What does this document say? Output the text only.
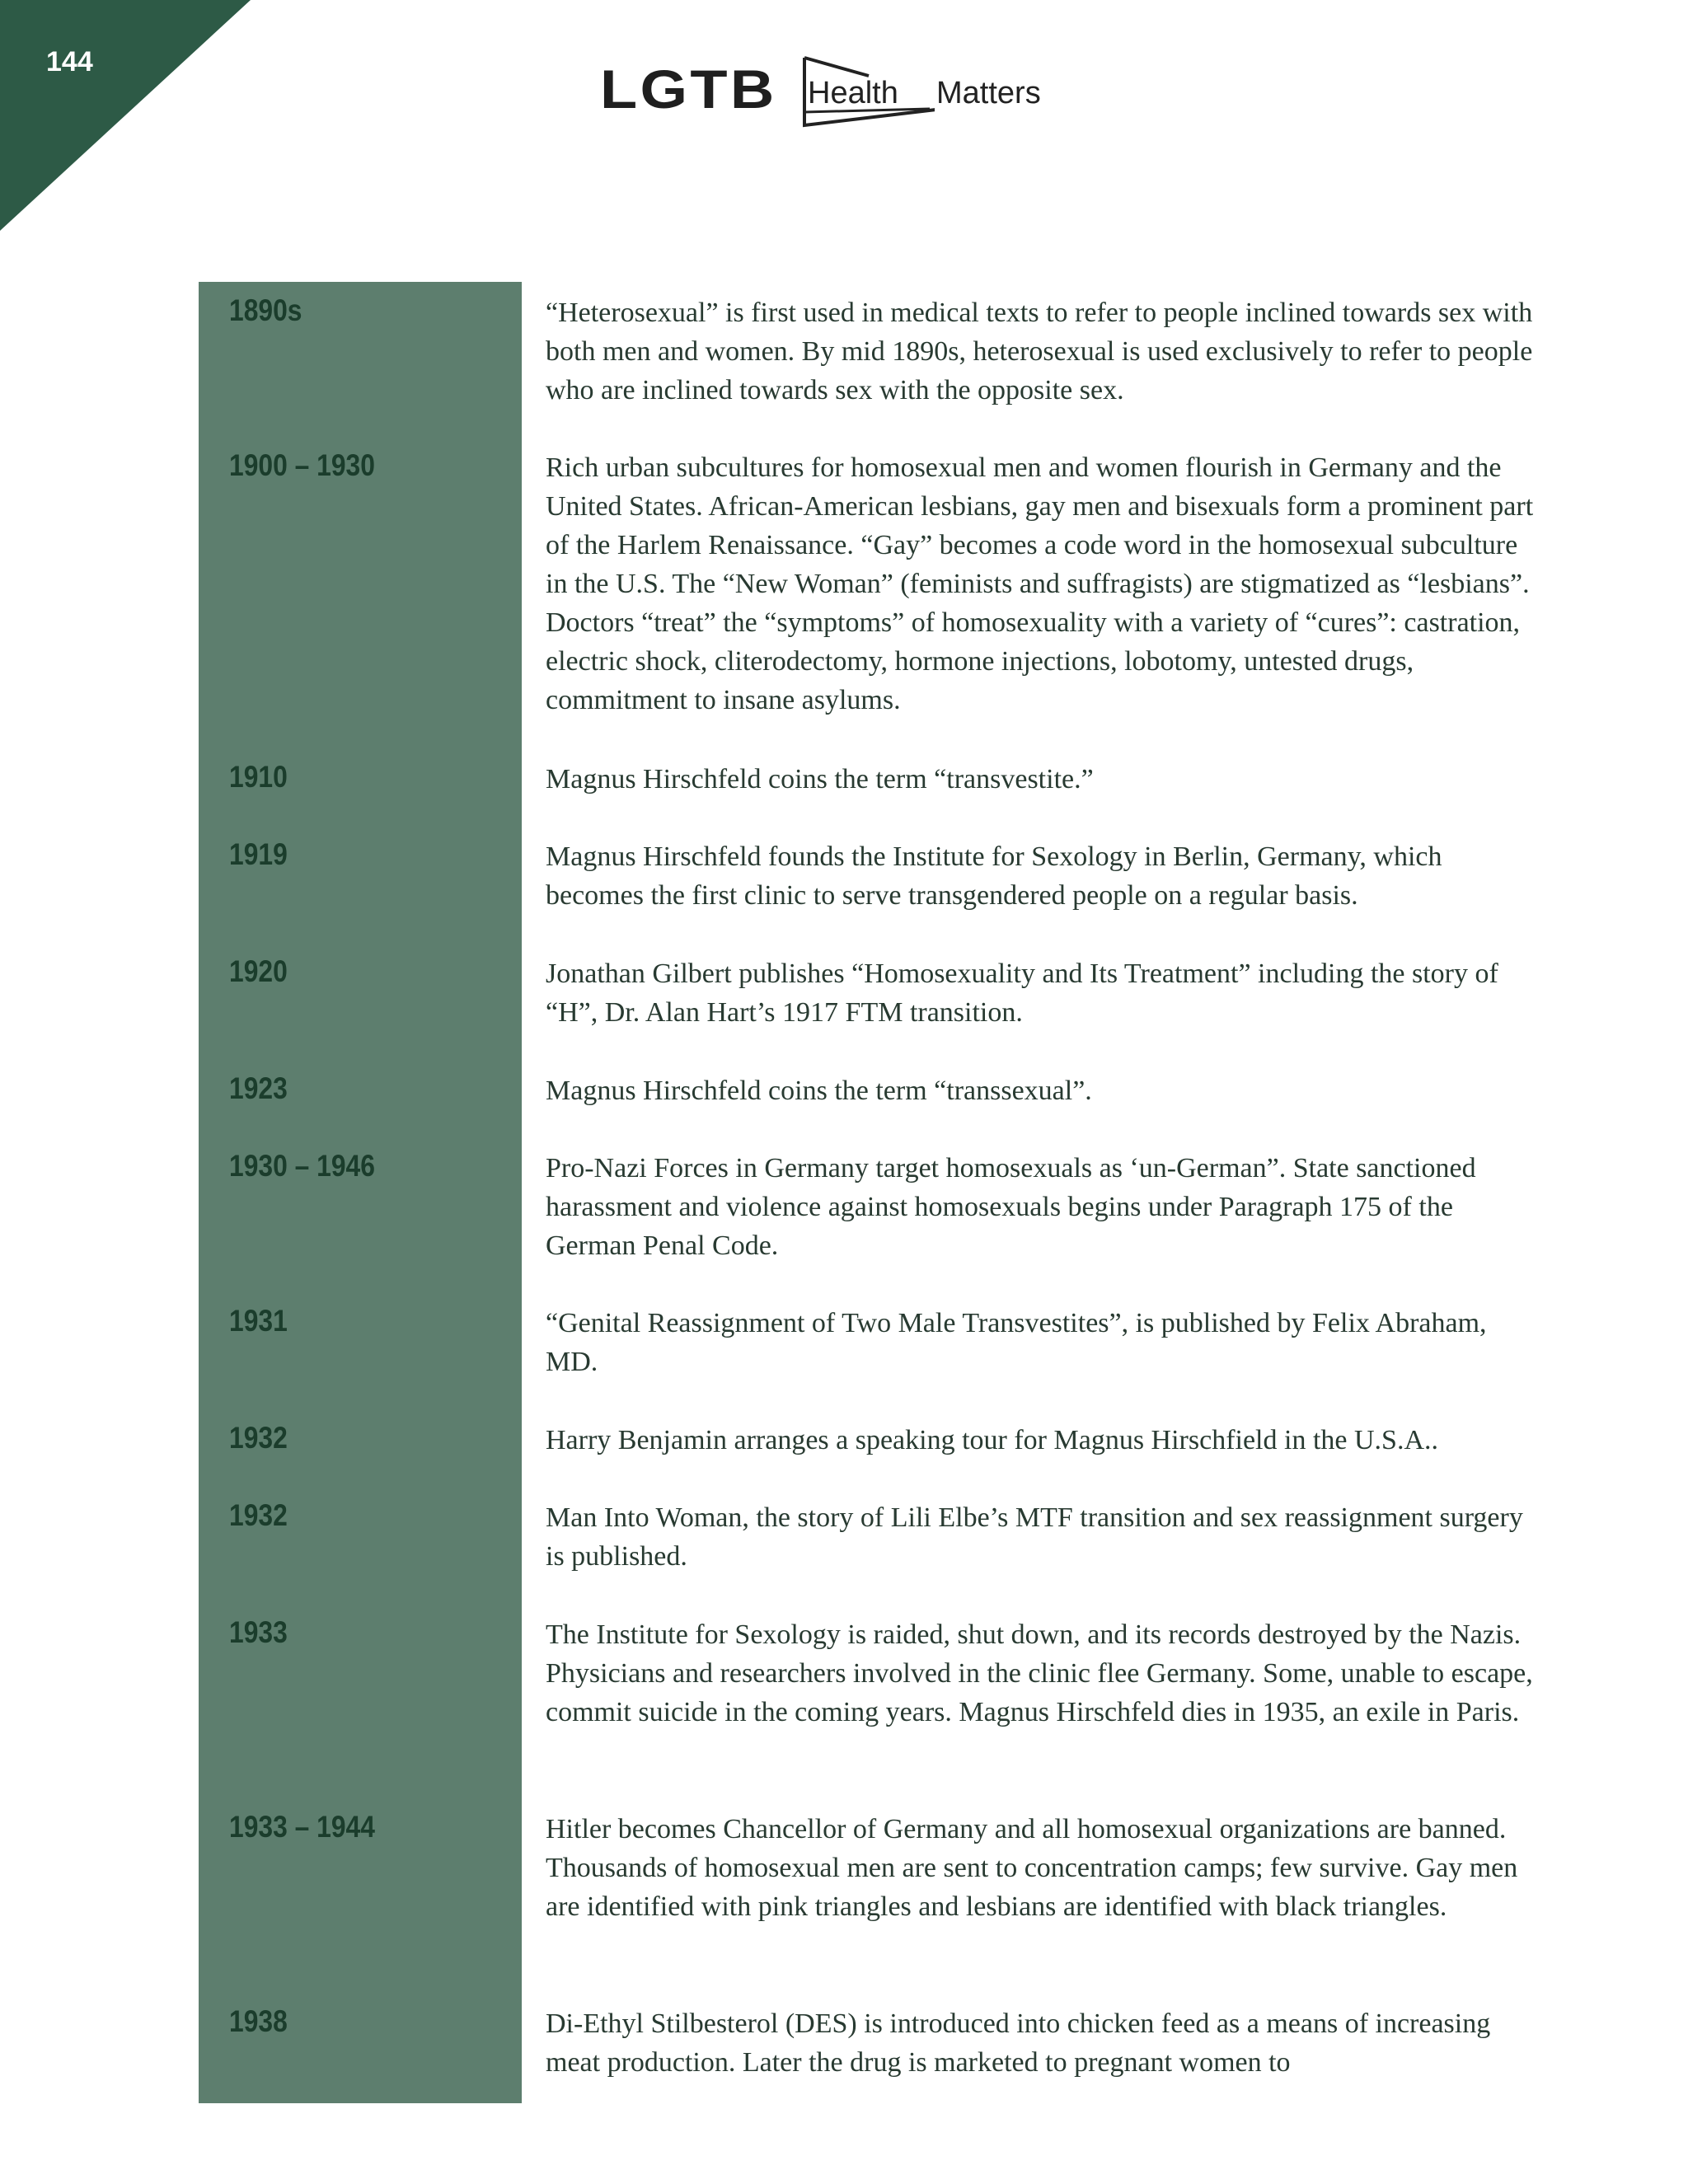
144	LGTB Health Matters
1890s	“Heterosexual” is first used in medical texts to refer to people inclined towards sex with both men and women. By mid 1890s, heterosexual is used exclusively to refer to people who are inclined towards sex with the opposite sex.

1900 – 1930	Rich urban subcultures for homosexual men and women flourish in Germany and the United States. African-American lesbians, gay men and bisexuals form a prominent part of the Harlem Renaissance. “Gay” becomes a code word in the homosexual subculture in the U.S. The “New Woman” (feminists and suffragists) are stigmatized as “lesbians”. Doctors “treat” the “symptoms” of homosexuality with a variety of “cures”: castration, electric shock, cliterodectomy, hormone injections, lobotomy, untested drugs, commitment to insane asylums.

1910	Magnus Hirschfeld coins the term “transvestite.”

1919	Magnus Hirschfeld founds the Institute for Sexology in Berlin, Germany, which becomes the first clinic to serve transgendered people on a regular basis.

1920	Jonathan Gilbert publishes “Homosexuality and Its Treatment” including the story of “H”, Dr. Alan Hart’s 1917 FTM transition.

1923	Magnus Hirschfeld coins the term “transsexual”.

1930 – 1946	Pro-Nazi Forces in Germany target homosexuals as ‘un-German”. State sanctioned harassment and violence against homosexuals begins under Paragraph 175 of the German Penal Code.

1931	“Genital Reassignment of Two Male Transvestites”, is published by Felix Abraham, MD.

1932	Harry Benjamin arranges a speaking tour for Magnus Hirschfield in the U.S.A..

1932	Man Into Woman, the story of Lili Elbe’s MTF transition and sex reassignment surgery is published.

1933	The Institute for Sexology is raided, shut down, and its records destroyed by the Nazis. Physicians and researchers involved in the clinic flee Germany. Some, unable to escape, commit suicide in the coming years. Magnus Hirschfeld dies in 1935, an exile in Paris.

1933 – 1944	Hitler becomes Chancellor of Germany and all homosexual organizations are banned. Thousands of homosexual men are sent to concentration camps; few survive. Gay men are identified with pink triangles and lesbians are identified with black triangles.

1938	Di-Ethyl Stilbesterol (DES) is introduced into chicken feed as a means of increasing meat production. Later the drug is marketed to pregnant women to
